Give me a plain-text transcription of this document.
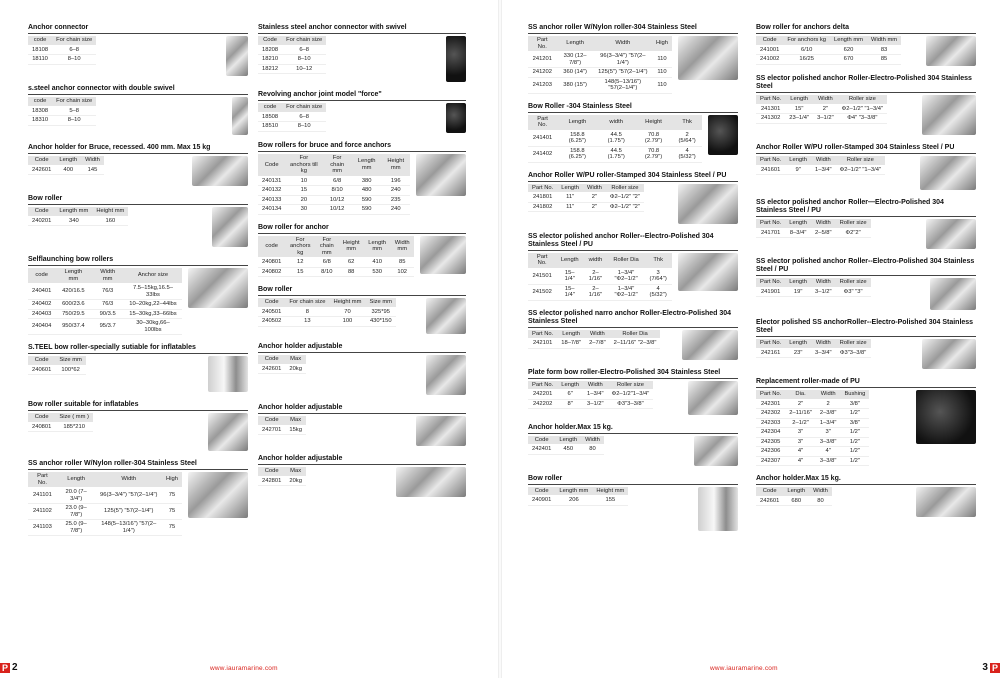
Anchor connector
code	For chain size
18108	6–8
18110	8–10
s.steel anchor connector with double swivel
code	For chain size
18308	5–8
18310	8–10
Anchor holder for Bruce, recessed. 400 mm. Max 15 kg
Code	Length	Width
242601	400	145
Bow roller
Code	Length mm	Height mm
240201	340	160
Selflaunching bow rollers
code	Length mm	Width mm	Anchor size
240401	420/16.5	76/3	7.5–15kg,16.5–33lbs
240402	600/23.6	76/3	10–20kg,22–44lbs
240403	750/29.5	90/3.5	15–30kg,33–66lbs
240404	950/37.4	95/3.7	30–30kg,66–100lbs
S.TEEL bow roller-specially sutiable for inflatables
Code	Size mm
240601	100*62
Bow roller suitable for inflatables
Code	Size ( mm )
240801	185*210
SS anchor roller W/Nylon roller-304 Stainless Steel
Part No.	Length	Width	High
241101	20.0 (7–3/4")	96(3–3/4") "57(2–1/4")	75
241102	23.0 (9–7/8")	125(5") "57(2–1/4")	75
241103	25.0 (9–7/8")	148(5–13/16") "57(2–1/4")	75
Stainless steel anchor connector with swivel
Code	For chain size
18208	6–8
18210	8–10
18212	10–12
Revolving anchor joint model "force"
code	For chain size
18508	6–8
18510	8–10
Bow rollers for bruce and force anchors
Code	For anchors till kg	For chain mm	Length mm	Height mm
240131	10	6/8	380	196
240132	15	8/10	480	240
240133	20	10/12	590	235
240134	30	10/12	590	240
Bow roller for anchor
code	For anchors kg	For chain mm	Height mm	Length mm	Width mm
240801	12	6/8	62	410	85
240802	15	8/10	88	530	102
Bow roller
Code	For chain size	Height mm	Size mm
240501	8	70	325*95
240502	13	100	430*150
Anchor holder adjustable
Code	Max
242601	20kg
Anchor holder adjustable
Code	Max
242701	15kg
Anchor holder adjustable
Code	Max
242801	20kg
P 2	www.iauramarine.com
SS anchor roller W/Nylon roller-304 Stainless Steel
Part No.	Length	Width	High
241201	330 (12–7/8")	96(3–3/4") "57(2–1/4")	110
241202	360 (14")	125(5") "57(2–1/4")	110
241203	380 (15")	148(5–13/16") "57(2–1/4")	110
Bow Roller -304 Stainless Steel
Part No.	Length	width	Height	Thk
241401	158.8 (6.25")	44.5 (1.75")	70.8 (2.79")	2 (5/64")
241402	158.8 (6.25")	44.5 (1.75")	70.8 (2.79")	4 (5/32")
Anchor Roller W/PU roller-Stamped 304 Stainless Steel / PU
Part No.	Length	Width	Roller size
241801	11"	2"	Φ2–1/2" "2"
241802	11"	2"	Φ2–1/2" "2"
SS elector polished anchor Roller--Electro-Polished 304 Stainless Steel / PU
Part No.	Length	width	Roller Dia	Thk
241501	15–1/4"	2–1/16"	1–3/4" "Φ2–1/2"	3 (7/64")
241502	15–1/4"	2–1/16"	1–3/4" "Φ2–1/2"	4 (5/32")
SS elector polished narro anchor Roller-Electro-Polished 304 Stainless Steel
Part No.	Length	Width	Roller Dia
242101	18–7/8"	2–7/8"	2–11/16" "2–3/8"
Plate form bow roller-Electro-Polished 304 Stainless Steel
Part No.	Length	Width	Roller size
242201	6"	1–3/4"	Φ2–1/2"1–3/4"
242202	8"	3–1/2"	Φ3"3–3/8"
Anchor holder.Max 15 kg.
Code	Length	Width
242401	450	80
Bow roller
Code	Length mm	Height mm
240901	206	155
Bow roller for anchors delta
Code	For anchors kg	Length mm	Width mm
241001	6/10	620	83
241002	16/25	670	85
SS elector polished anchor Roller-Electro-Polished 304 Stainless Steel
Part No.	Length	Width	Roller size
241301	15"	2"	Φ2–1/2" "1–3/4"
241302	23–1/4"	3–1/2"	Φ4" "3–3/8"
Anchor Roller W/PU roller-Stamped 304 Stainless Steel / PU
Part No.	Length	Width	Roller size
241601	9"	1–3/4"	Φ2–1/2" "1–3/4"
SS elector polished anchor Roller—Electro-Polished 304 Stainless Steel / PU
Part No.	Length	Width	Roller size
241701	8–3/4"	2–5/8"	Φ2"2"
SS elector polished anchor Roller--Electro-Polished 304 Stainless Steel / PU
Part No.	Length	Width	Roller size
241901	19"	3–1/2"	Φ3" "3"
Elector polished SS anchorRoller--Electro-Polished 304 Stainless Steel
Part No.	Length	Width	Roller size
242161	23"	3–3/4"	Φ3"3–3/8"
Replacement roller-made of PU
Part No.	Dia.	Width	Bushing
242301	2"	2	3/8"
242302	2–11/16"	2–3/8"	1/2"
242303	2–1/2"	1–3/4"	3/8"
242304	3"	3"	1/2"
242305	3"	3–3/8"	1/2"
242306	4"	4"	1/2"
242307	4"	3–3/8"	1/2"
Anchor holder.Max 15 kg.
Code	Length	Width
242601	680	80
www.iauramarine.com	3 P
